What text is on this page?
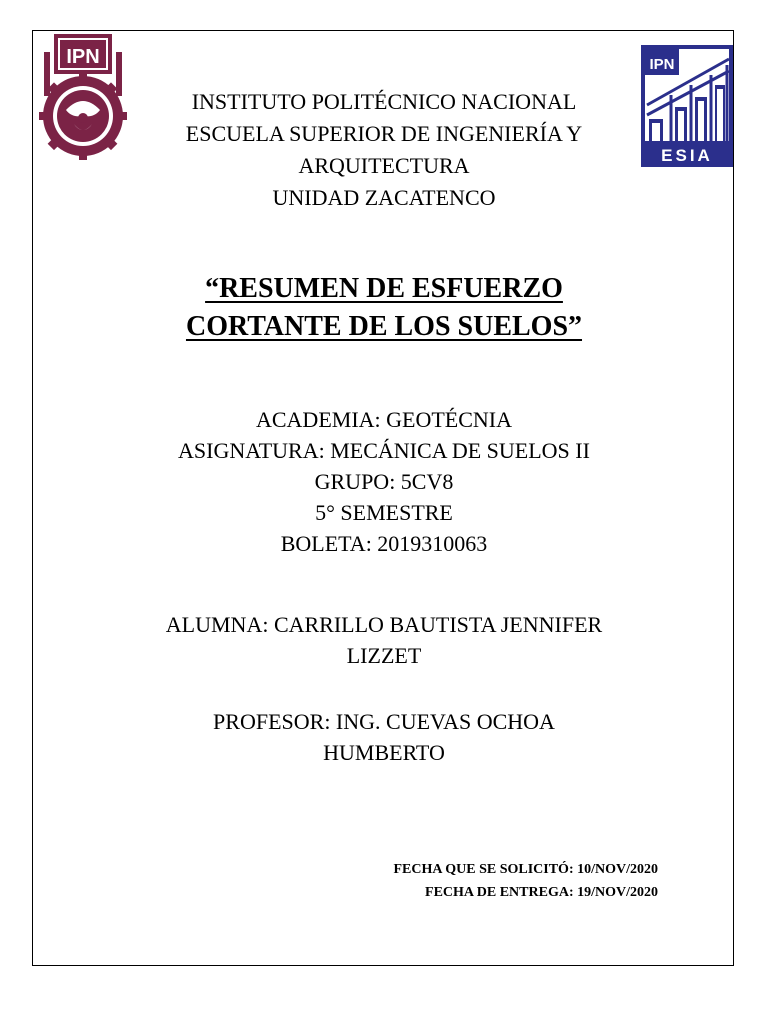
IPN	IPN
ESIA
INSTITUTO POLITÉCNICO NACIONAL
ESCUELA SUPERIOR DE INGENIERÍA Y
ARQUITECTURA
UNIDAD ZACATENCO
“RESUMEN DE ESFUERZO
CORTANTE DE LOS SUELOS”
ACADEMIA: GEOTÉCNIA
ASIGNATURA: MECÁNICA DE SUELOS II
GRUPO: 5CV8
5° SEMESTRE
BOLETA: 2019310063
ALUMNA: CARRILLO BAUTISTA JENNIFER
LIZZET
PROFESOR: ING. CUEVAS OCHOA
HUMBERTO
FECHA QUE SE SOLICITÓ: 10/NOV/2020
FECHA DE ENTREGA: 19/NOV/2020
